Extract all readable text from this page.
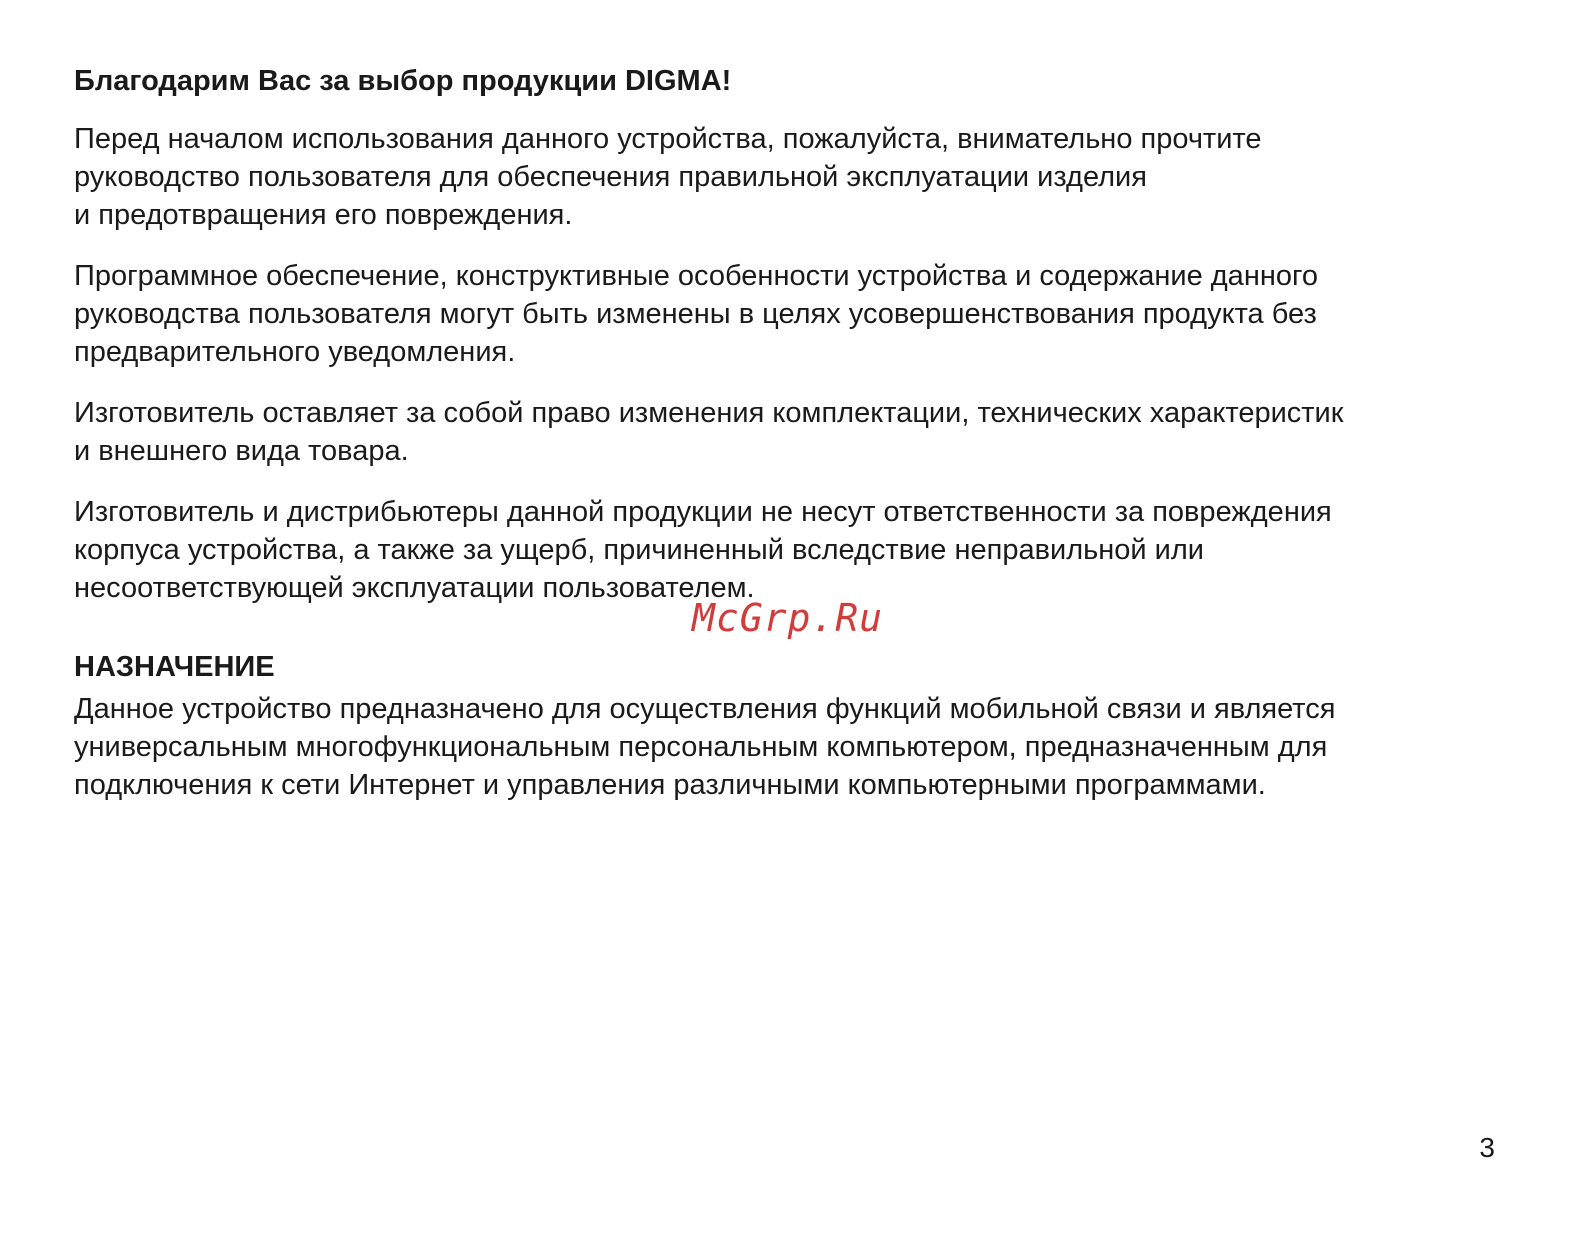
Благодарим Вас за выбор продукции DIGMA!
Перед началом использования данного устройства, пожалуйста, внимательно прочтите
руководство пользователя для обеспечения правильной эксплуатации изделия
и предотвращения его повреждения.
Программное обеспечение, конструктивные особенности устройства и содержание данного
руководства пользователя могут быть изменены в целях усовершенствования продукта без
предварительного уведомления.
Изготовитель оставляет за собой право изменения комплектации, технических характеристик
и внешнего вида товара.
Изготовитель и дистрибьютеры данной продукции не несут ответственности за повреждения
корпуса устройства, а также за ущерб, причиненный вследствие неправильной или
несоответствующей эксплуатации пользователем.
НАЗНАЧЕНИЕ
Данное устройство предназначено для осуществления функций мобильной связи и является
универсальным многофункциональным персональным компьютером, предназначенным для
подключения к сети Интернет и управления различными компьютерными программами.
McGrp.Ru
3
